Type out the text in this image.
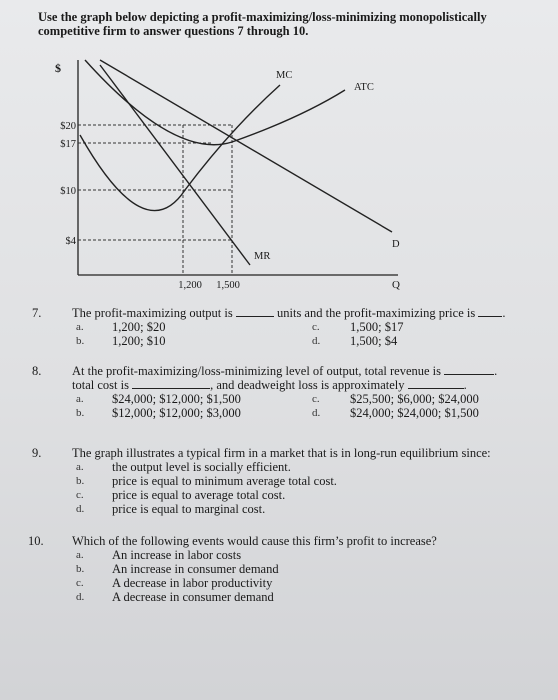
Use the graph below depicting a profit-maximizing/loss-minimizing monopolistically
competitive firm to answer questions 7 through 10.
$
Q
$20
$17
$10
$4
1,200 1,500
MC
ATC
D
MR
7. The profit-maximizing output is	units and the profit-maximizing price is .
a. 1,200; $20
b. 1,200; $10
c. 1,500; $17
d. 1,500; $4
8. At the profit-maximizing/loss-minimizing level of output, total revenue is	.
total cost is	, and deadweight loss is approximately	.
a. $24,000; $12,000; $1,500
b. $12,000; $12,000; $3,000
c. $25,500; $6,000; $24,000
d. $24,000; $24,000; $1,500
9. The graph illustrates a typical firm in a market that is in long-run equilibrium since:
a. the output level is socially efficient.
b. price is equal to minimum average total cost.
c. price is equal to average total cost.
d. price is equal to marginal cost.
10. Which of the following events would cause this firm’s profit to increase?
a. An increase in labor costs
b. An increase in consumer demand
c. A decrease in labor productivity
d. A decrease in consumer demand
